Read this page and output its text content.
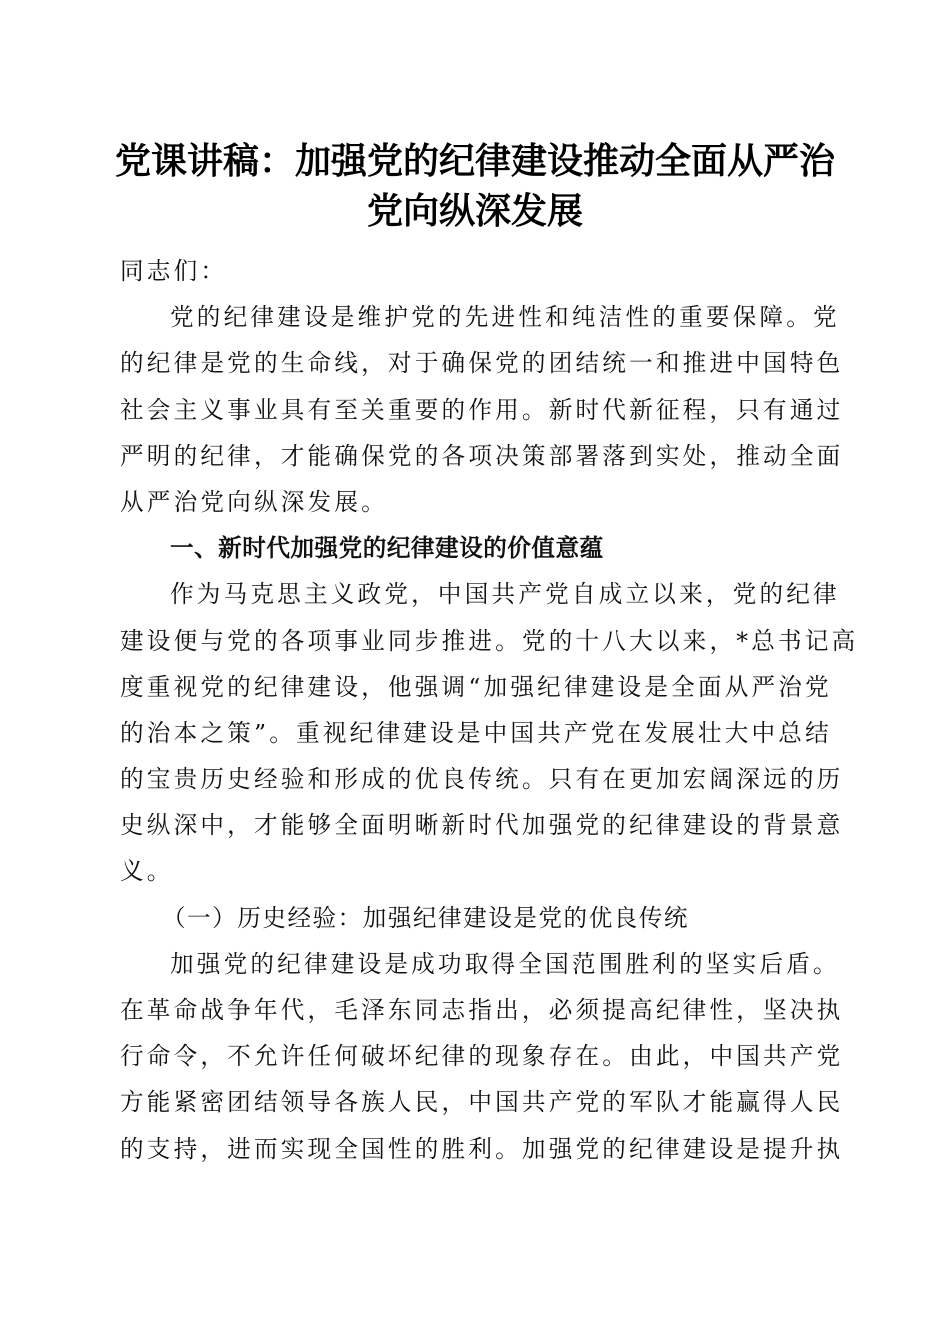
党课讲稿：加强党的纪律建设推动全面从严治
党向纵深发展

同志们：

党的纪律建设是维护党的先进性和纯洁性的重要保障。党

的纪律是党的生命线，对于确保党的团结统一和推进中国特色

社会主义事业具有至关重要的作用。新时代新征程，只有通过

严明的纪律，才能确保党的各项决策部署落到实处，推动全面

从严治党向纵深发展。

一、新时代加强党的纪律建设的价值意蕴

作为马克思主义政党，中国共产党自成立以来，党的纪律

建设便与党的各项事业同步推进。党的十八大以来，*总书记高

度重视党的纪律建设，他强调“加强纪律建设是全面从严治党

的治本之策”。重视纪律建设是中国共产党在发展壮大中总结

的宝贵历史经验和形成的优良传统。只有在更加宏阔深远的历

史纵深中，才能够全面明晰新时代加强党的纪律建设的背景意

义。

（一）历史经验：加强纪律建设是党的优良传统

加强党的纪律建设是成功取得全国范围胜利的坚实后盾。

在革命战争年代，毛泽东同志指出，必须提高纪律性，坚决执

行命令，不允许任何破坏纪律的现象存在。由此，中国共产党

方能紧密团结领导各族人民，中国共产党的军队才能赢得人民

的支持，进而实现全国性的胜利。加强党的纪律建设是提升执
